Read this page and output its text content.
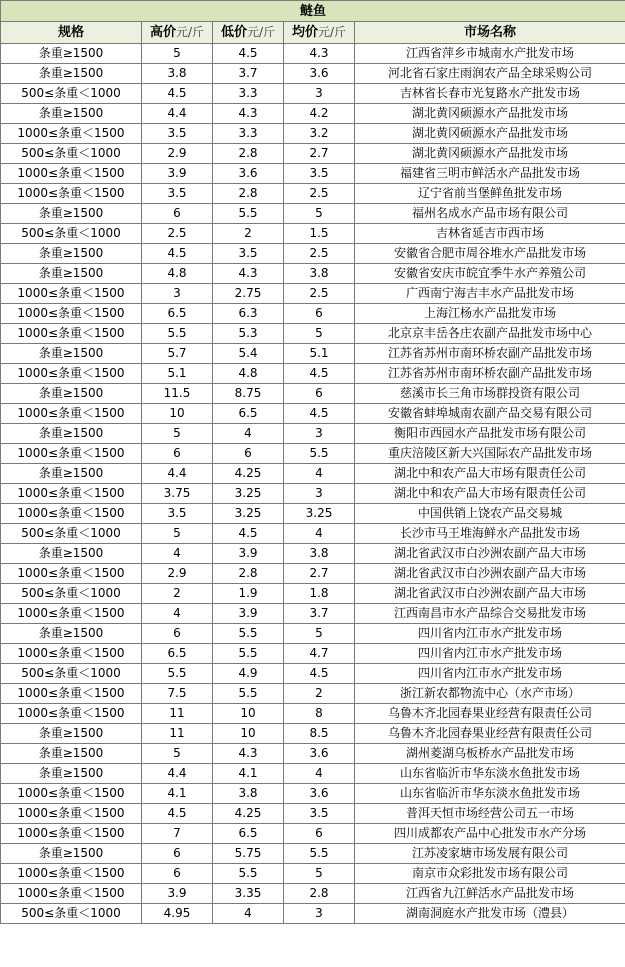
鲢鱼				
规格	高价元/斤	低价元/斤	均价元/斤	市场名称
条重≥1500	5	4.5	4.3	江西省萍乡市城南水产批发市场
条重≥1500	3.8	3.7	3.6	河北省石家庄雨润农产品全球采购公司
500≤条重＜1000	4.5	3.3	3	吉林省长春市光复路水产批发市场
条重≥1500	4.4	4.3	4.2	湖北黄冈硕源水产品批发市场
1000≤条重＜1500	3.5	3.3	3.2	湖北黄冈硕源水产品批发市场
500≤条重＜1000	2.9	2.8	2.7	湖北黄冈硕源水产品批发市场
1000≤条重＜1500	3.9	3.6	3.5	福建省三明市鲜活水产品批发市场
1000≤条重＜1500	3.5	2.8	2.5	辽宁省前当堡鲜鱼批发市场
条重≥1500	6	5.5	5	福州名成水产品市场有限公司
500≤条重＜1000	2.5	2	1.5	吉林省延吉市西市场
条重≥1500	4.5	3.5	2.5	安徽省合肥市周谷堆水产品批发市场
条重≥1500	4.8	4.3	3.8	安徽省安庆市皖宜季牛水产养殖公司
1000≤条重＜1500	3	2.75	2.5	广西南宁海吉丰水产品批发市场
1000≤条重＜1500	6.5	6.3	6	上海江杨水产品批发市场
1000≤条重＜1500	5.5	5.3	5	北京京丰岳各庄农副产品批发市场中心
条重≥1500	5.7	5.4	5.1	江苏省苏州市南环桥农副产品批发市场
1000≤条重＜1500	5.1	4.8	4.5	江苏省苏州市南环桥农副产品批发市场
条重≥1500	11.5	8.75	6	慈溪市长三角市场群投资有限公司
1000≤条重＜1500	10	6.5	4.5	安徽省蚌埠城南农副产品交易有限公司
条重≥1500	5	4	3	衡阳市西园水产品批发市场有限公司
1000≤条重＜1500	6	6	5.5	重庆涪陵区新大兴国际农产品批发市场
条重≥1500	4.4	4.25	4	湖北中和农产品大市场有限责任公司
1000≤条重＜1500	3.75	3.25	3	湖北中和农产品大市场有限责任公司
1000≤条重＜1500	3.5	3.25	3.25	中国供销上饶农产品交易城
500≤条重＜1000	5	4.5	4	长沙市马王堆海鲜水产品批发市场
条重≥1500	4	3.9	3.8	湖北省武汉市白沙洲农副产品大市场
1000≤条重＜1500	2.9	2.8	2.7	湖北省武汉市白沙洲农副产品大市场
500≤条重＜1000	2	1.9	1.8	湖北省武汉市白沙洲农副产品大市场
1000≤条重＜1500	4	3.9	3.7	江西南昌市水产品综合交易批发市场
条重≥1500	6	5.5	5	四川省内江市水产批发市场
1000≤条重＜1500	6.5	5.5	4.7	四川省内江市水产批发市场
500≤条重＜1000	5.5	4.9	4.5	四川省内江市水产批发市场
1000≤条重＜1500	7.5	5.5	2	浙江新农都物流中心（水产市场）
1000≤条重＜1500	11	10	8	乌鲁木齐北园春果业经营有限责任公司
条重≥1500	11	10	8.5	乌鲁木齐北园春果业经营有限责任公司
条重≥1500	5	4.3	3.6	湖州菱湖乌板桥水产品批发市场
条重≥1500	4.4	4.1	4	山东省临沂市华东淡水鱼批发市场
1000≤条重＜1500	4.1	3.8	3.6	山东省临沂市华东淡水鱼批发市场
1000≤条重＜1500	4.5	4.25	3.5	普洱天恒市场经营公司五一市场
1000≤条重＜1500	7	6.5	6	四川成都农产品中心批发市水产分场
条重≥1500	6	5.75	5.5	江苏凌家塘市场发展有限公司
1000≤条重＜1500	6	5.5	5	南京市众彩批发市场有限公司
1000≤条重＜1500	3.9	3.35	2.8	江西省九江鲜活水产品批发市场
500≤条重＜1000	4.95	4	3	湖南洞庭水产批发市场（澧县）
